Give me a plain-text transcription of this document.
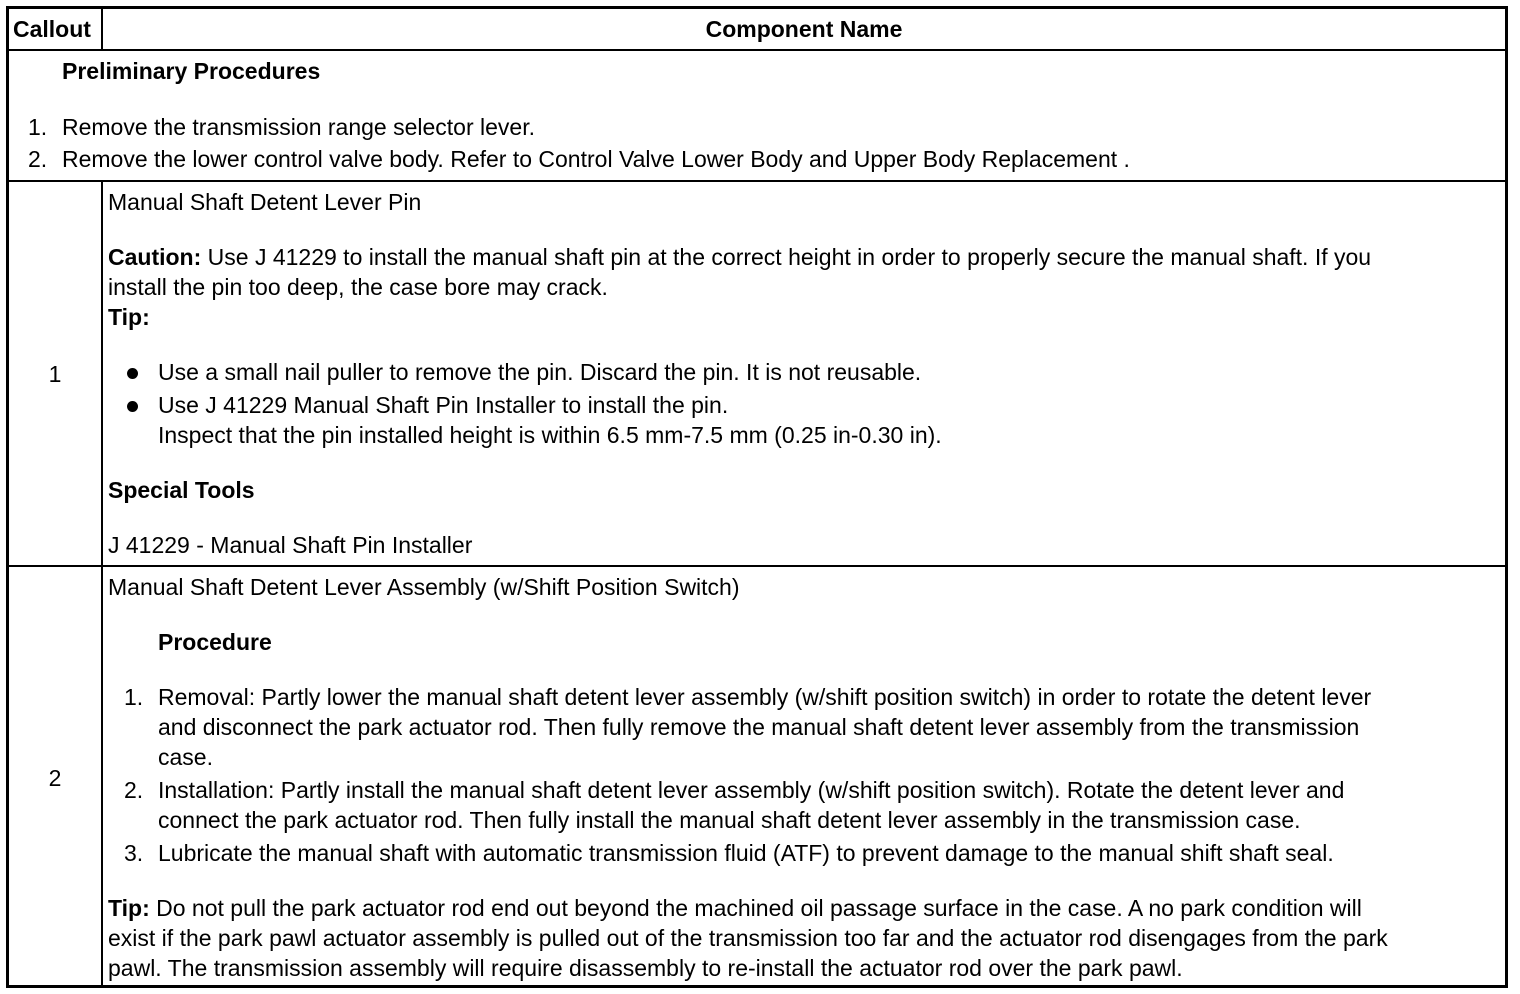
Callout	Component Name
Preliminary Procedures
1. Remove the transmission range selector lever.
2. Remove the lower control valve body. Refer to Control Valve Lower Body and Upper Body Replacement .
1
Manual Shaft Detent Lever Pin
Caution: Use J 41229 to install the manual shaft pin at the correct height in order to properly secure the manual shaft. If you
install the pin too deep, the case bore may crack.
Tip:
Use a small nail puller to remove the pin. Discard the pin. It is not reusable.
Use J 41229 Manual Shaft Pin Installer to install the pin.
Inspect that the pin installed height is within 6.5 mm-7.5 mm (0.25 in-0.30 in).
Special Tools
J 41229 - Manual Shaft Pin Installer
2
Manual Shaft Detent Lever Assembly (w/Shift Position Switch)
Procedure
1. Removal: Partly lower the manual shaft detent lever assembly (w/shift position switch) in order to rotate the detent lever
and disconnect the park actuator rod. Then fully remove the manual shaft detent lever assembly from the transmission
case.
2. Installation: Partly install the manual shaft detent lever assembly (w/shift position switch). Rotate the detent lever and
connect the park actuator rod. Then fully install the manual shaft detent lever assembly in the transmission case.
3. Lubricate the manual shaft with automatic transmission fluid (ATF) to prevent damage to the manual shift shaft seal.
Tip: Do not pull the park actuator rod end out beyond the machined oil passage surface in the case. A no park condition will
exist if the park pawl actuator assembly is pulled out of the transmission too far and the actuator rod disengages from the park
pawl. The transmission assembly will require disassembly to re-install the actuator rod over the park pawl.
